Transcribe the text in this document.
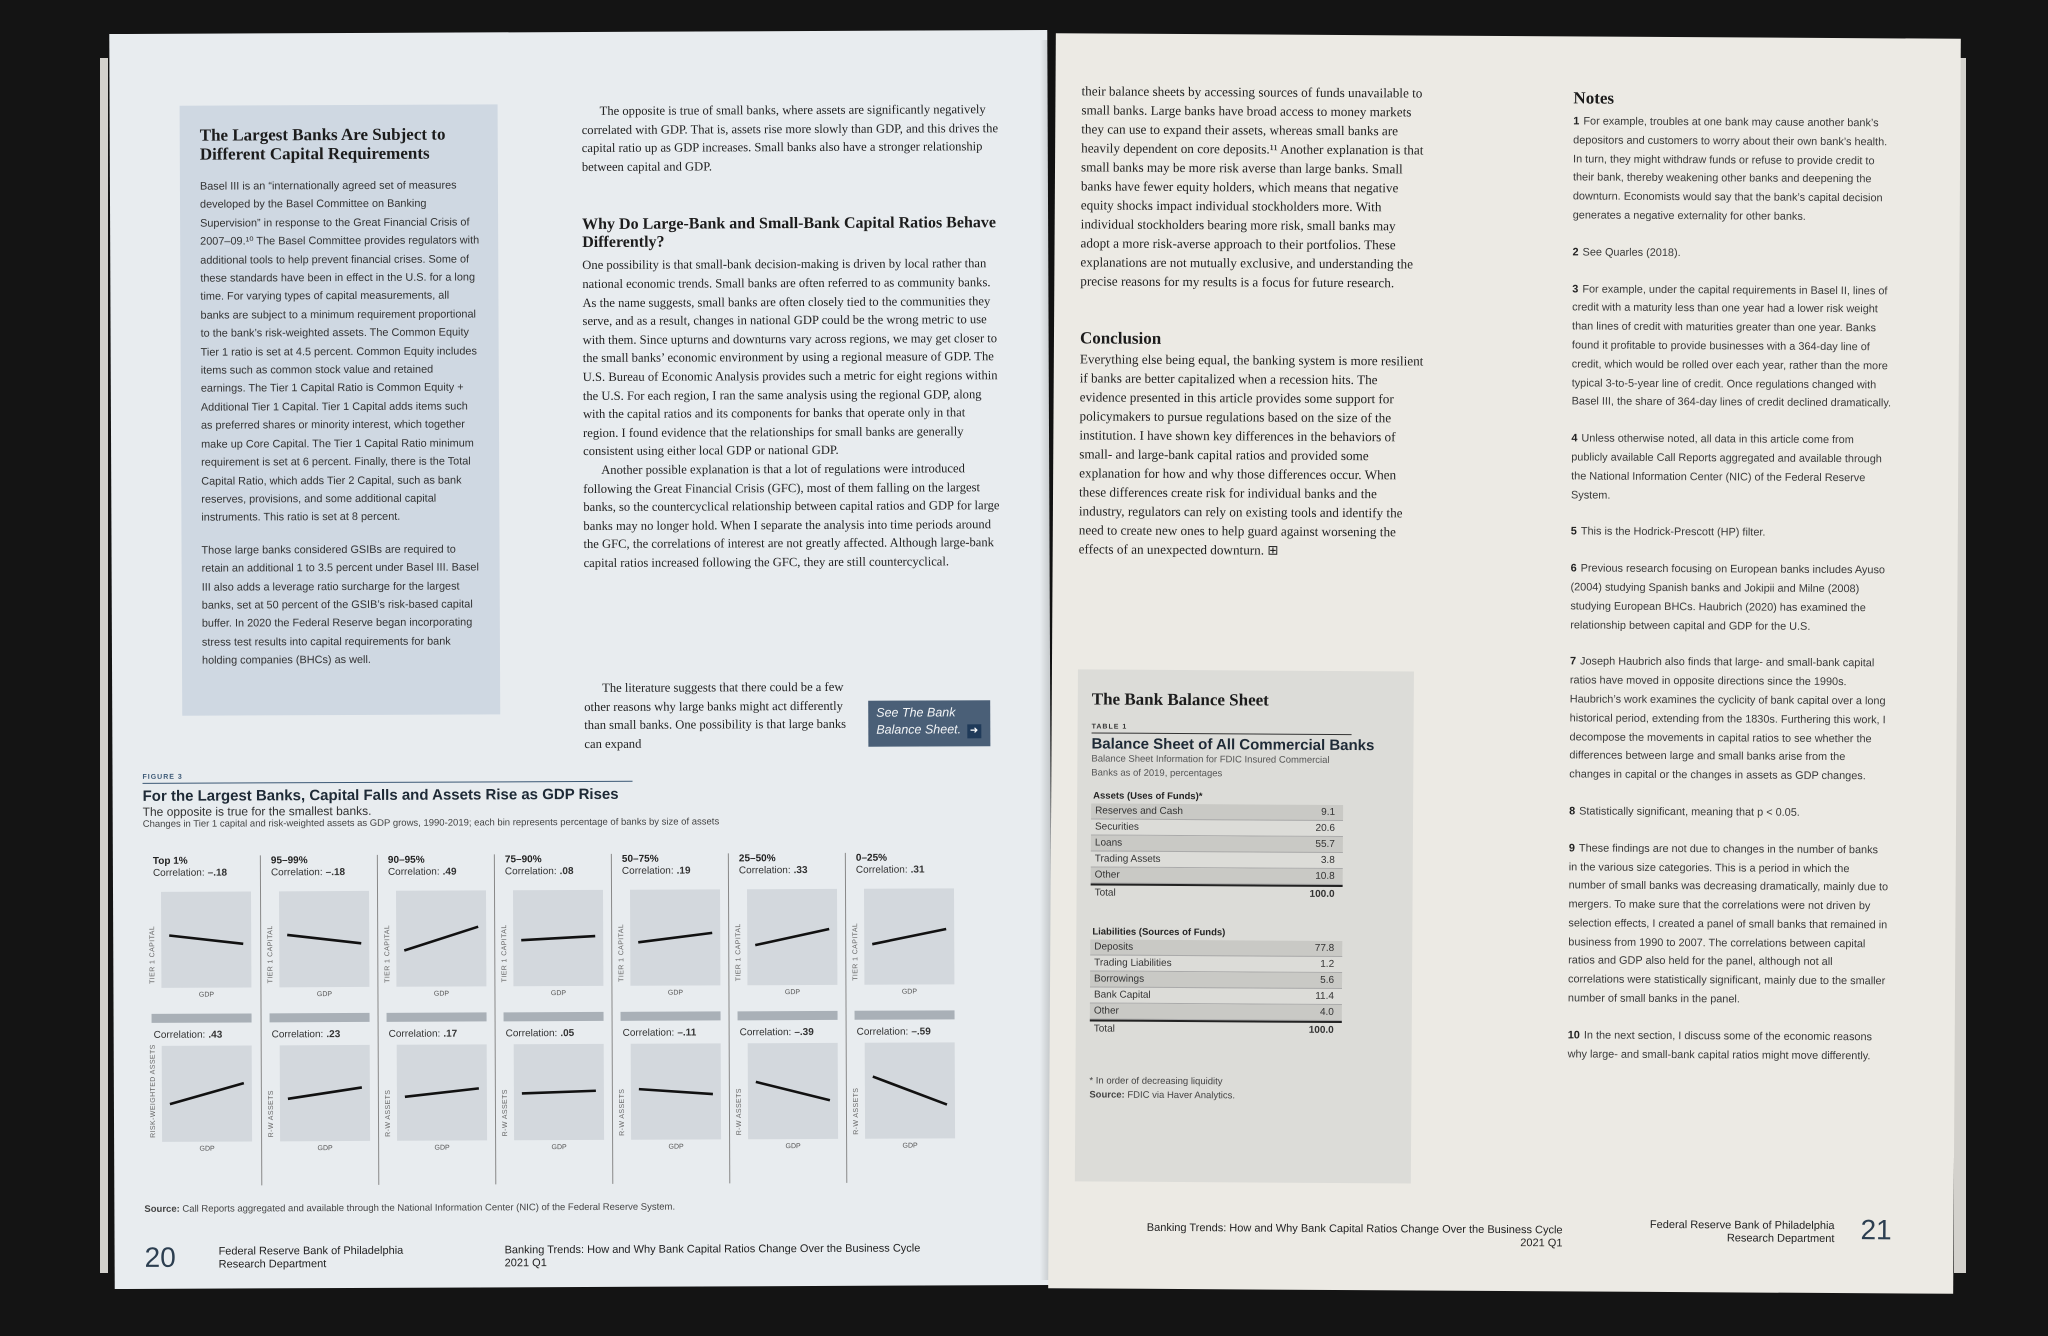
The Largest Banks Are Subject to Different Capital Requirements

Basel III is an “internationally agreed set of measures developed by the Basel Committee on Banking Supervision” in response to the Great Financial Crisis of 2007–09.¹⁰ The Basel Committee provides regulators with additional tools to help prevent financial crises. Some of these standards have been in effect in the U.S. for a long time. For varying types of capital measurements, all banks are subject to a minimum requirement proportional to the bank’s risk-weighted assets. The Common Equity Tier 1 ratio is set at 4.5 percent. Common Equity includes items such as common stock value and retained earnings. The Tier 1 Capital Ratio is Common Equity + Additional Tier 1 Capital. Tier 1 Capital adds items such as preferred shares or minority interest, which together make up Core Capital. The Tier 1 Capital Ratio minimum requirement is set at 6 percent. Finally, there is the Total Capital Ratio, which adds Tier 2 Capital, such as bank reserves, provisions, and some additional capital instruments. This ratio is set at 8 percent.

Those large banks considered GSIBs are required to retain an additional 1 to 3.5 percent under Basel III. Basel III also adds a leverage ratio surcharge for the largest banks, set at 50 percent of the GSIB’s risk-based capital buffer. In 2020 the Federal Reserve began incorporating stress test results into capital requirements for bank holding companies (BHCs) as well.

The opposite is true of small banks, where assets are significantly negatively correlated with GDP. That is, assets rise more slowly than GDP, and this drives the capital ratio up as GDP increases. Small banks also have a stronger relationship between capital and GDP.

Why Do Large-Bank and Small-Bank Capital Ratios Behave Differently?

One possibility is that small-bank decision-making is driven by local rather than national economic trends. Small banks are often referred to as community banks. As the name suggests, small banks are often closely tied to the communities they serve, and as a result, changes in national GDP could be the wrong metric to use with them. Since upturns and downturns vary across regions, we may get closer to the small banks’ economic environment by using a regional measure of GDP. The U.S. Bureau of Economic Analysis provides such a metric for eight regions within the U.S. For each region, I ran the same analysis using the regional GDP, along with the capital ratios and its components for banks that operate only in that region. I found evidence that the relationships for small banks are generally consistent using either local GDP or national GDP.

Another possible explanation is that a lot of regulations were introduced following the Great Financial Crisis (GFC), most of them falling on the largest banks, so the countercyclical relationship between capital ratios and GDP for large banks may no longer hold. When I separate the analysis into time periods around the GFC, the correlations of interest are not greatly affected. Although large-bank capital ratios increased following the GFC, they are still countercyclical.

The literature suggests that there could be a few other reasons why large banks might act differently than small banks. One possibility is that large banks can expand

See The Bank Balance Sheet. ➜
FIGURE 3
For the Largest Banks, Capital Falls and Assets Rise as GDP Rises
The opposite is true for the smallest banks.
Changes in Tier 1 capital and risk-weighted assets as GDP grows, 1990-2019; each bin represents percentage of banks by size of assets
Top 1%
Correlation: –.18
TIER 1 CAPITAL
GDP
Correlation: .43
RISK-WEIGHTED ASSETS
GDP
95–99%
Correlation: –.18
TIER 1 CAPITAL
GDP
Correlation: .23
R-W ASSETS
GDP
90–95%
Correlation: .49
TIER 1 CAPITAL
GDP
Correlation: .17
R-W ASSETS
GDP
75–90%
Correlation: .08
TIER 1 CAPITAL
GDP
Correlation: .05
R-W ASSETS
GDP
50–75%
Correlation: .19
TIER 1 CAPITAL
GDP
Correlation: –.11
R-W ASSETS
GDP
25–50%
Correlation: .33
TIER 1 CAPITAL
GDP
Correlation: –.39
R-W ASSETS
GDP
0–25%
Correlation: .31
TIER 1 CAPITAL
GDP
Correlation: –.59
R-W ASSETS
GDP
Source: Call Reports aggregated and available through the National Information Center (NIC) of the Federal Reserve System.
20	Federal Reserve Bank of Philadelphia
Research Department
Banking Trends: How and Why Bank Capital Ratios Change Over the Business Cycle
2021 Q1

their balance sheets by accessing sources of funds unavailable to small banks. Large banks have broad access to money markets they can use to expand their assets, whereas small banks are heavily dependent on core deposits.¹¹ Another explanation is that small banks may be more risk averse than large banks. Small banks have fewer equity holders, which means that negative equity shocks impact individual stockholders more. With individual stockholders bearing more risk, small banks may adopt a more risk-averse approach to their portfolios. These explanations are not mutually exclusive, and understanding the precise reasons for my results is a focus for future research.

Conclusion

Everything else being equal, the banking system is more resilient if banks are better capitalized when a recession hits. The evidence presented in this article provides some support for policymakers to pursue regulations based on the size of the institution. I have shown key differences in the behaviors of small- and large-bank capital ratios and provided some explanation for how and why those differences occur. When these differences create risk for individual banks and the industry, regulators can rely on existing tools and identify the need to create new ones to help guard against worsening the effects of an unexpected downturn. ⊞

The Bank Balance Sheet
TABLE 1
Balance Sheet of All Commercial Banks
Balance Sheet Information for FDIC Insured Commercial
Banks as of 2019, percentages
Assets (Uses of Funds)*
Reserves and Cash	9.1
Securities	20.6
Loans	55.7
Trading Assets	3.8
Other	10.8
Total	100.0
Liabilities (Sources of Funds)
Deposits	77.8
Trading Liabilities	1.2
Borrowings	5.6
Bank Capital	11.4
Other	4.0
Total	100.0
* In order of decreasing liquidity
Source: FDIC via Haver Analytics.
Notes

1 For example, troubles at one bank may cause another bank’s depositors and customers to worry about their own bank’s health. In turn, they might withdraw funds or refuse to provide credit to their bank, thereby weakening other banks and deepening the downturn. Economists would say that the bank’s capital decision generates a negative externality for other banks.

2 See Quarles (2018).

3 For example, under the capital requirements in Basel II, lines of credit with a maturity less than one year had a lower risk weight than lines of credit with maturities greater than one year. Banks found it profitable to provide businesses with a 364-day line of credit, which would be rolled over each year, rather than the more typical 3-to-5-year line of credit. Once regulations changed with Basel III, the share of 364-day lines of credit declined dramatically.

4 Unless otherwise noted, all data in this article come from publicly available Call Reports aggregated and available through the National Information Center (NIC) of the Federal Reserve System.

5 This is the Hodrick-Prescott (HP) filter.

6 Previous research focusing on European banks includes Ayuso (2004) studying Spanish banks and Jokipii and Milne (2008) studying European BHCs. Haubrich (2020) has examined the relationship between capital and GDP for the U.S.

7 Joseph Haubrich also finds that large- and small-bank capital ratios have moved in opposite directions since the 1990s. Haubrich’s work examines the cyclicity of bank capital over a long historical period, extending from the 1830s. Furthering this work, I decompose the movements in capital ratios to see whether the differences between large and small banks arise from the changes in capital or the changes in assets as GDP changes.

8 Statistically significant, meaning that p < 0.05.

9 These findings are not due to changes in the number of banks in the various size categories. This is a period in which the number of small banks was decreasing dramatically, mainly due to mergers. To make sure that the correlations were not driven by selection effects, I created a panel of small banks that remained in business from 1990 to 2007. The correlations between capital ratios and GDP also held for the panel, although not all correlations were statistically significant, mainly due to the smaller number of small banks in the panel.

10 In the next section, I discuss some of the economic reasons why large- and small-bank capital ratios might move differently.

Banking Trends: How and Why Bank Capital Ratios Change Over the Business Cycle
2021 Q1
Federal Reserve Bank of Philadelphia
Research Department 21
